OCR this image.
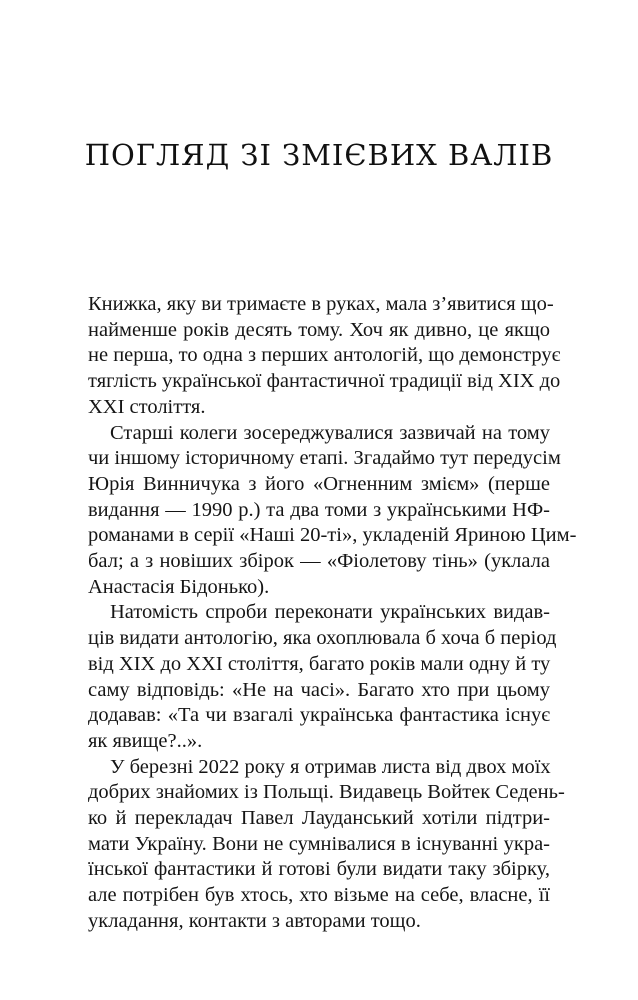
ПОГЛЯД ЗІ ЗМІЄВИХ ВАЛІВ

Книжка, яку ви тримаєте в руках, мала з’явитися що-
найменше років десять тому. Хоч як дивно, це якщо
не перша, то одна з перших антологій, що демонструє
тяглість української фантастичної традиції від XIX до
XXI століття.

Старші колеги зосереджувалися зазвичай на тому
чи іншому історичному етапі. Згадаймо тут передусім
Юрія Винничука з його «Огненним змієм» (перше
видання — 1990 р.) та два томи з українськими НФ-
романами в серії «Наші 20-ті», укладеній Яриною Цим-
бал; а з новіших збірок — «Фіолетову тінь» (уклала
Анастасія Бідонько).

Натомість спроби переконати українських видав-
ців видати антологію, яка охоплювала б хоча б період
від XIX до XXI століття, багато років мали одну й ту
саму відповідь: «Не на часі». Багато хто при цьому
додавав: «Та чи взагалі українська фантастика існує
як явище?..».

У березні 2022 року я отримав листа від двох моїх
добрих знайомих із Польщі. Видавець Войтек Седень-
ко й перекладач Павел Лауданський хотіли підтри-
мати Україну. Вони не сумнівалися в існуванні укра-
їнської фантастики й готові були видати таку збірку,
але потрібен був хтось, хто візьме на себе, власне, її
укладання, контакти з авторами тощо.
